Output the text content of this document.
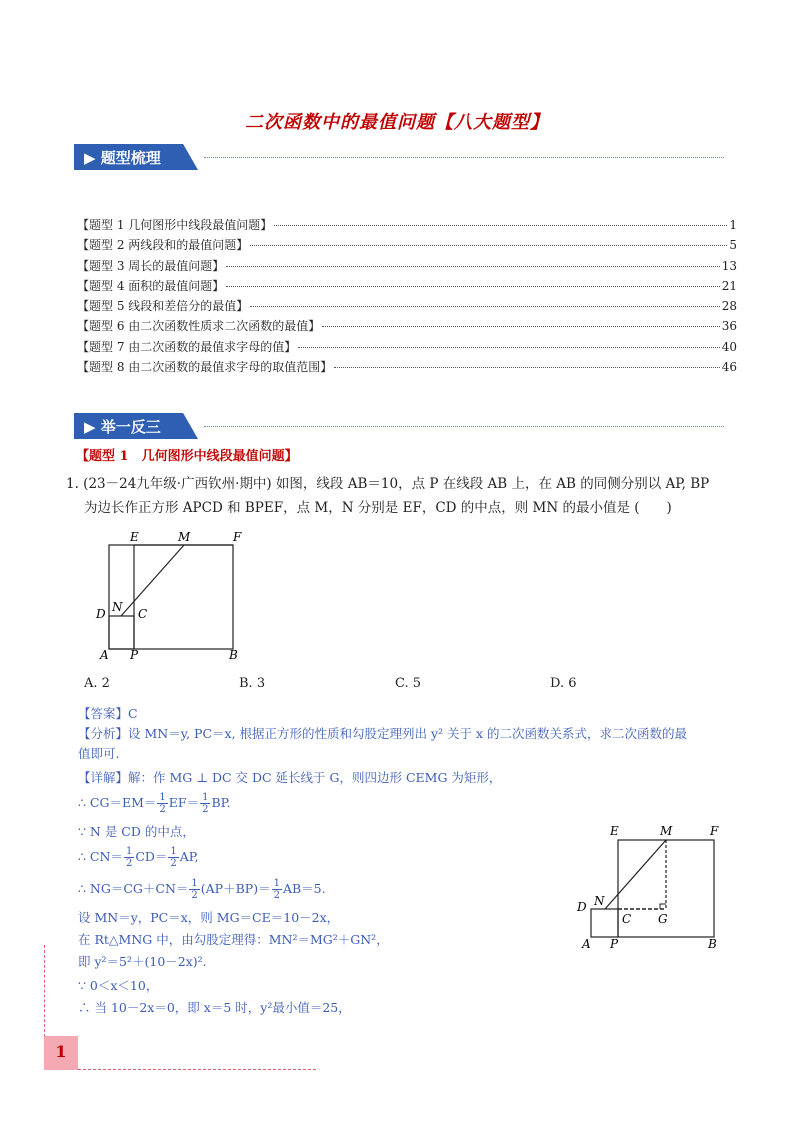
二次函数中的最值问题【八大题型】
▶ 题型梳理
【题型 1 几何图形中线段最值问题】	1
【题型 2 两线段和的最值问题】	5
【题型 3 周长的最值问题】	13
【题型 4 面积的最值问题】	21
【题型 5 线段和差倍分的最值】	28
【题型 6 由二次函数性质求二次函数的最值】	36
【题型 7 由二次函数的最值求字母的值】	40
【题型 8 由二次函数的最值求字母的取值范围】	46
▶ 举一反三
【题型 1　几何图形中线段最值问题】
1. (23－24九年级·广西钦州·期中) 如图，线段 AB＝10，点 P 在线段 AB 上，在 AB 的同侧分别以 AP, BP
为边长作正方形 APCD 和 BPEF，点 M，N 分别是 EF，CD 的中点，则 MN 的最小值是 (　　)
E	M	F
N
D	C
A P	B
A. 2	B. 3	C. 5	D. 6
【答案】C
【分析】设 MN＝y, PC＝x, 根据正方形的性质和勾股定理列出 y² 关于 x 的二次函数关系式，求二次函数的最
值即可.
【详解】解：作 MG ⊥ DC 交 DC 延长线于 G，则四边形 CEMG 为矩形，
∴ $CG=EM= \frac{1}{2} EF= \frac{1}{2}$ BP.
∵ N 是 CD 的中点，
∴ $CN= \frac{1}{2} CD= \frac{1}{2}$ AP,
∴ $NG=CG+CN= \frac{1}{2} (AP+BP)= \frac{1}{2} AB=5$.
设 MN＝y，PC＝x，则 MG＝CE＝10－2x，
在 Rt△MNG 中，由勾股定理得：MN²＝MG²＋GN²，
即 y²＝5²＋(10－2x)².
∵ 0＜x＜10，
∴ 当 10－2x＝0，即 x＝5 时，y²最小值＝25，
E	M	F
N
D
C G
A P	B
1
